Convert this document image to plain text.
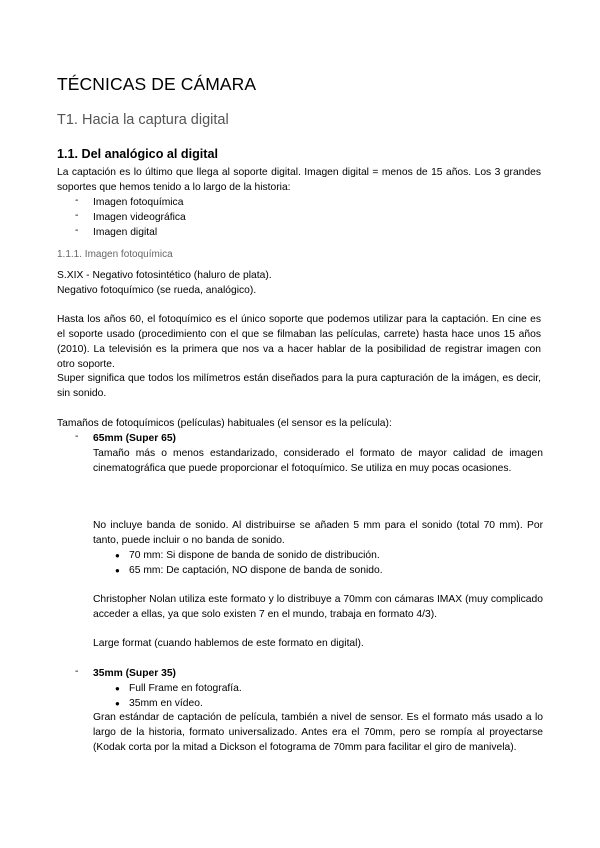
TÉCNICAS DE CÁMARA
T1. Hacia la captura digital
1.1. Del analógico al digital
La captación es lo último que llega al soporte digital. Imagen digital = menos de 15 años. Los 3 grandes soportes que hemos tenido a lo largo de la historia:
- Imagen fotoquímica
- Imagen videográfica
- Imagen digital
1.1.1. Imagen fotoquímica
S.XIX - Negativo fotosintético (haluro de plata).
Negativo fotoquímico (se rueda, analógico).
Hasta los años 60, el fotoquímico es el único soporte que podemos utilizar para la captación. En cine es el soporte usado (procedimiento con el que se filmaban las películas, carrete) hasta hace unos 15 años (2010). La televisión es la primera que nos va a hacer hablar de la posibilidad de registrar imagen con otro soporte.
Super significa que todos los milímetros están diseñados para la pura capturación de la imágen, es decir, sin sonido.
Tamaños de fotoquímicos (películas) habituales (el sensor es la película):
- 65mm (Super 65)
Tamaño más o menos estandarizado, considerado el formato de mayor calidad de imagen cinematográfica que puede proporcionar el fotoquímico. Se utiliza en muy pocas ocasiones.
No incluye banda de sonido. Al distribuirse se añaden 5 mm para el sonido (total 70 mm). Por tanto, puede incluir o no banda de sonido.
● 70 mm: Si dispone de banda de sonido de distribución.
● 65 mm: De captación, NO dispone de banda de sonido.
Christopher Nolan utiliza este formato y lo distribuye a 70mm con cámaras IMAX (muy complicado acceder a ellas, ya que solo existen 7 en el mundo, trabaja en formato 4/3).
Large format (cuando hablemos de este formato en digital).
- 35mm (Super 35)
● Full Frame en fotografía.
● 35mm en vídeo.
Gran estándar de captación de película, también a nivel de sensor. Es el formato más usado a lo largo de la historia, formato universalizado. Antes era el 70mm, pero se rompía al proyectarse (Kodak corta por la mitad a Dickson el fotograma de 70mm para facilitar el giro de manivela).
